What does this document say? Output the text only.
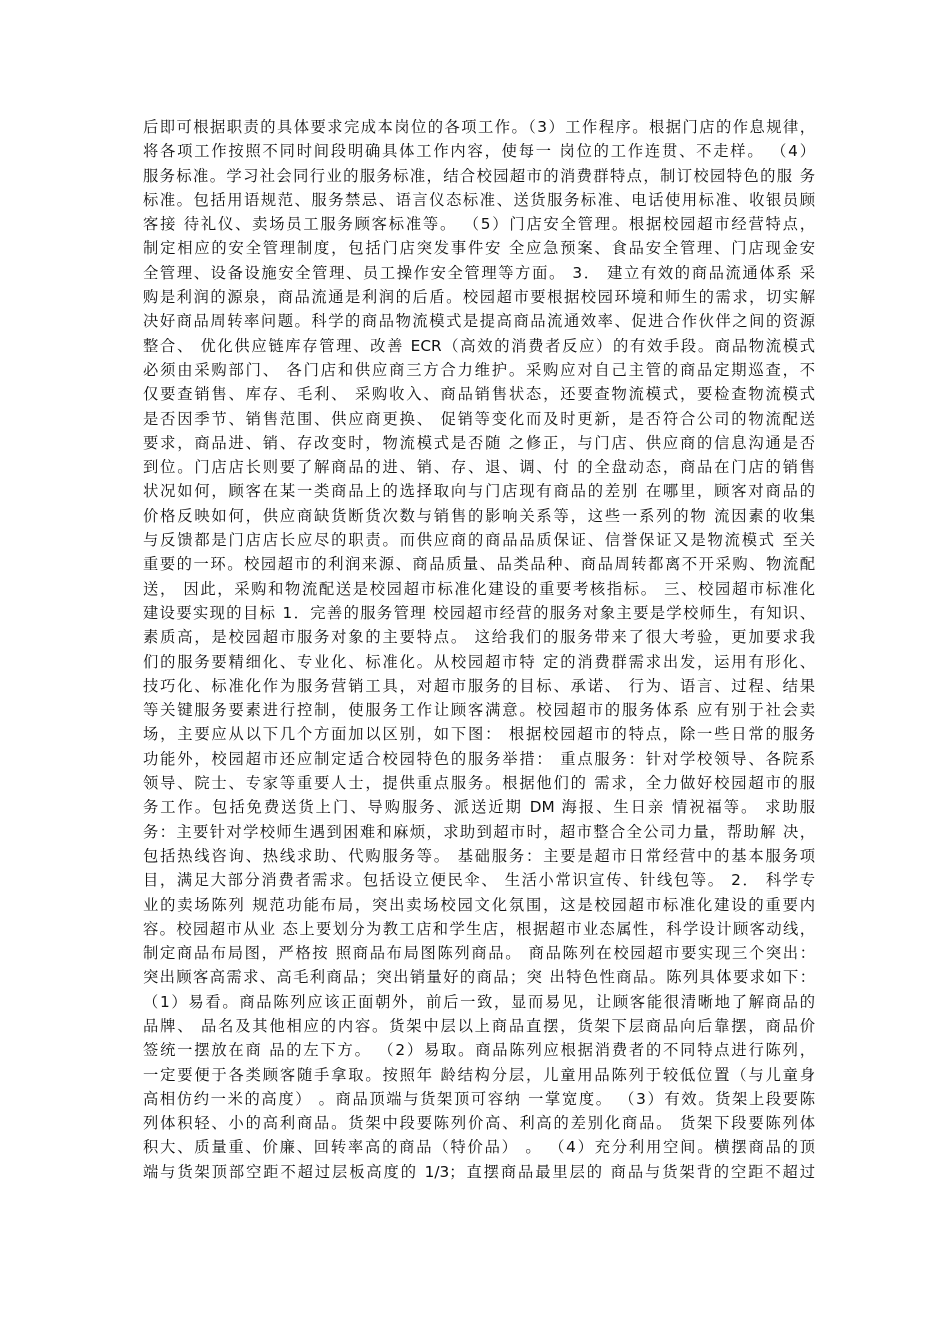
后即可根据职责的具体要求完成本岗位的各项工作。（3）工作程序。根据门店的作息规律，
将各项工作按照不同时间段明确具体工作内容，使每一 岗位的工作连贯、不走样。 （4）
服务标准。学习社会同行业的服务标准，结合校园超市的消费群特点，制订校园特色的服 务
标准。包括用语规范、服务禁忌、语言仪态标准、送货服务标准、电话使用标准、收银员顾
客接 待礼仪、卖场员工服务顾客标准等。 （5）门店安全管理。根据校园超市经营特点，
制定相应的安全管理制度，包括门店突发事件安 全应急预案、食品安全管理、门店现金安
全管理、设备设施安全管理、员工操作安全管理等方面。 3． 建立有效的商品流通体系 采
购是利润的源泉，商品流通是利润的后盾。校园超市要根据校园环境和师生的需求，切实解
决好商品周转率问题。科学的商品物流模式是提高商品流通效率、促进合作伙伴之间的资源
整合、 优化供应链库存管理、改善 ECR（高效的消费者反应）的有效手段。商品物流模式
必须由采购部门、 各门店和供应商三方合力维护。采购应对自己主管的商品定期巡查，不
仅要查销售、库存、毛利、 采购收入、商品销售状态，还要查物流模式，要检查物流模式
是否因季节、销售范围、供应商更换、 促销等变化而及时更新，是否符合公司的物流配送
要求，商品进、销、存改变时，物流模式是否随 之修正，与门店、供应商的信息沟通是否
到位。门店店长则要了解商品的进、销、存、退、调、付 的全盘动态，商品在门店的销售
状况如何，顾客在某一类商品上的选择取向与门店现有商品的差别 在哪里，顾客对商品的
价格反映如何，供应商缺货断货次数与销售的影响关系等，这些一系列的物 流因素的收集
与反馈都是门店店长应尽的职责。而供应商的商品品质保证、信誉保证又是物流模式 至关
重要的一环。校园超市的利润来源、商品质量、品类品种、商品周转都离不开采购、物流配
送， 因此，采购和物流配送是校园超市标准化建设的重要考核指标。 三、校园超市标准化
建设要实现的目标 1．完善的服务管理 校园超市经营的服务对象主要是学校师生，有知识、
素质高，是校园超市服务对象的主要特点。 这给我们的服务带来了很大考验，更加要求我
们的服务要精细化、专业化、标准化。从校园超市特 定的消费群需求出发，运用有形化、
技巧化、标准化作为服务营销工具，对超市服务的目标、承诺、 行为、语言、过程、结果
等关键服务要素进行控制，使服务工作让顾客满意。校园超市的服务体系 应有别于社会卖
场，主要应从以下几个方面加以区别，如下图： 根据校园超市的特点，除一些日常的服务
功能外，校园超市还应制定适合校园特色的服务举措： 重点服务：针对学校领导、各院系
领导、院士、专家等重要人士，提供重点服务。根据他们的 需求，全力做好校园超市的服
务工作。包括免费送货上门、导购服务、派送近期 DM 海报、生日亲 情祝福等。 求助服
务：主要针对学校师生遇到困难和麻烦，求助到超市时，超市整合全公司力量，帮助解 决，
包括热线咨询、热线求助、代购服务等。 基础服务：主要是超市日常经营中的基本服务项
目，满足大部分消费者需求。包括设立便民伞、 生活小常识宣传、针线包等。 2． 科学专
业的卖场陈列 规范功能布局，突出卖场校园文化氛围，这是校园超市标准化建设的重要内
容。校园超市从业 态上要划分为教工店和学生店，根据超市业态属性，科学设计顾客动线，
制定商品布局图，严格按 照商品布局图陈列商品。 商品陈列在校园超市要实现三个突出：
突出顾客高需求、高毛利商品；突出销量好的商品；突 出特色性商品。陈列具体要求如下：
（1）易看。商品陈列应该正面朝外，前后一致，显而易见，让顾客能很清晰地了解商品的
品牌、 品名及其他相应的内容。货架中层以上商品直摆，货架下层商品向后靠摆，商品价
签统一摆放在商 品的左下方。 （2）易取。商品陈列应根据消费者的不同特点进行陈列，
一定要便于各类顾客随手拿取。按照年 龄结构分层，儿童用品陈列于较低位置（与儿童身
高相仿约一米的高度） 。商品顶端与货架顶可容纳 一掌宽度。 （3）有效。货架上段要陈
列体积轻、小的高利商品。货架中段要陈列价高、利高的差别化商品。 货架下段要陈列体
积大、质量重、价廉、回转率高的商品（特价品） 。 （4）充分利用空间。横摆商品的顶
端与货架顶部空距不超过层板高度的 1/3；直摆商品最里层的 商品与货架背的空距不超过
